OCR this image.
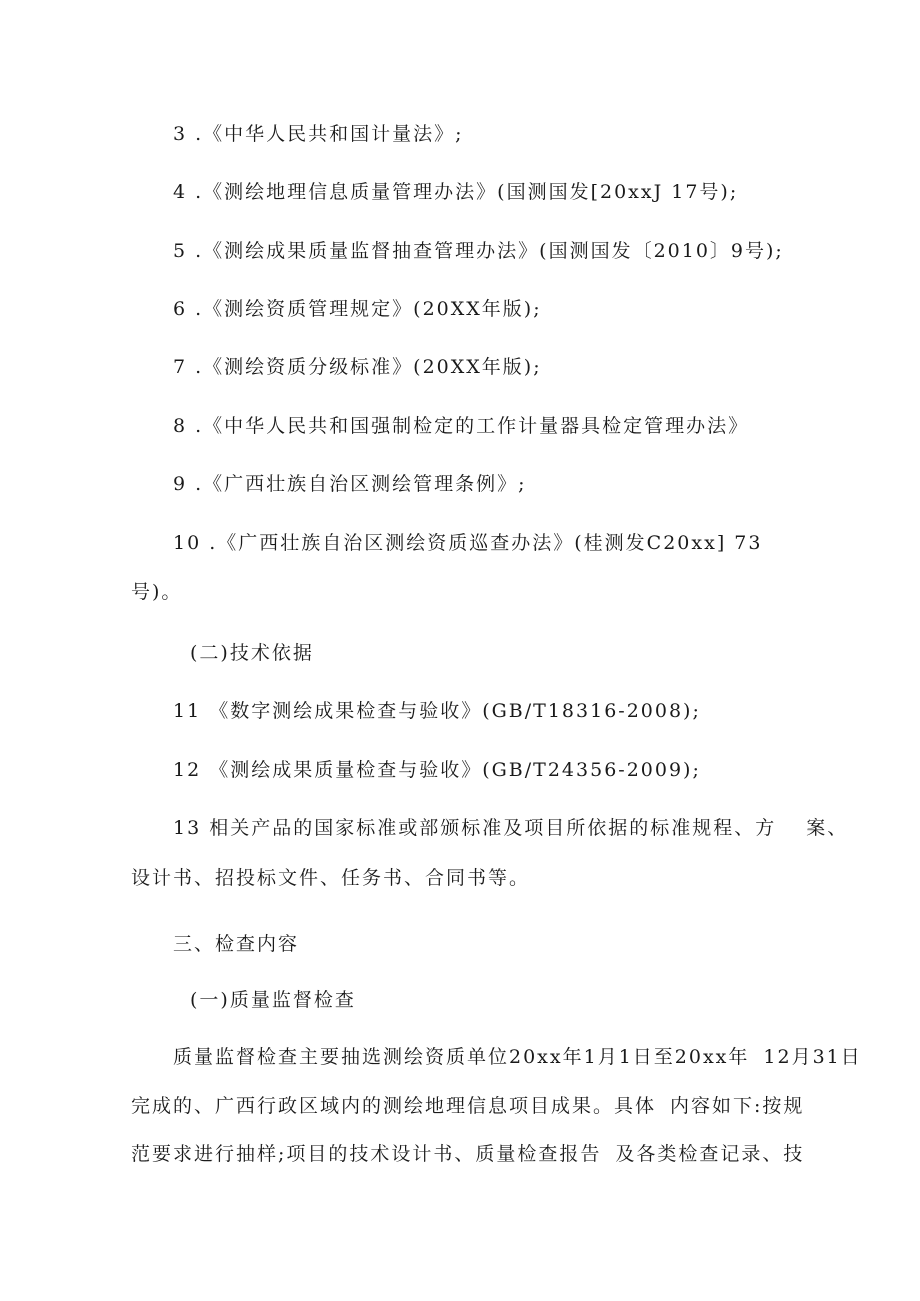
3 .《中华人民共和国计量法》;
4 .《测绘地理信息质量管理办法》(国测国发[20xxJ 17号);
5 .《测绘成果质量监督抽查管理办法》(国测国发〔2010〕9号);
6 .《测绘资质管理规定》(20XX年版);
7 .《测绘资质分级标准》(20XX年版);
8 .《中华人民共和国强制检定的工作计量器具检定管理办法》
9 .《广西壮族自治区测绘管理条例》;
10 .《广西壮族自治区测绘资质巡查办法》(桂测发C20xx] 73
号)。
(二)技术依据
11 《数字测绘成果检查与验收》(GB/T18316-2008);
12 《测绘成果质量检查与验收》(GB/T24356-2009);
13 相关产品的国家标准或部颁标准及项目所依据的标准规程、方 案、
设计书、招投标文件、任务书、合同书等。
三、检查内容
(一)质量监督检查
质量监督检查主要抽选测绘资质单位20xx年1月1日至20xx年 12月31日
完成的、广西行政区域内的测绘地理信息项目成果。具体 内容如下:按规
范要求进行抽样;项目的技术设计书、质量检查报告 及各类检查记录、技
